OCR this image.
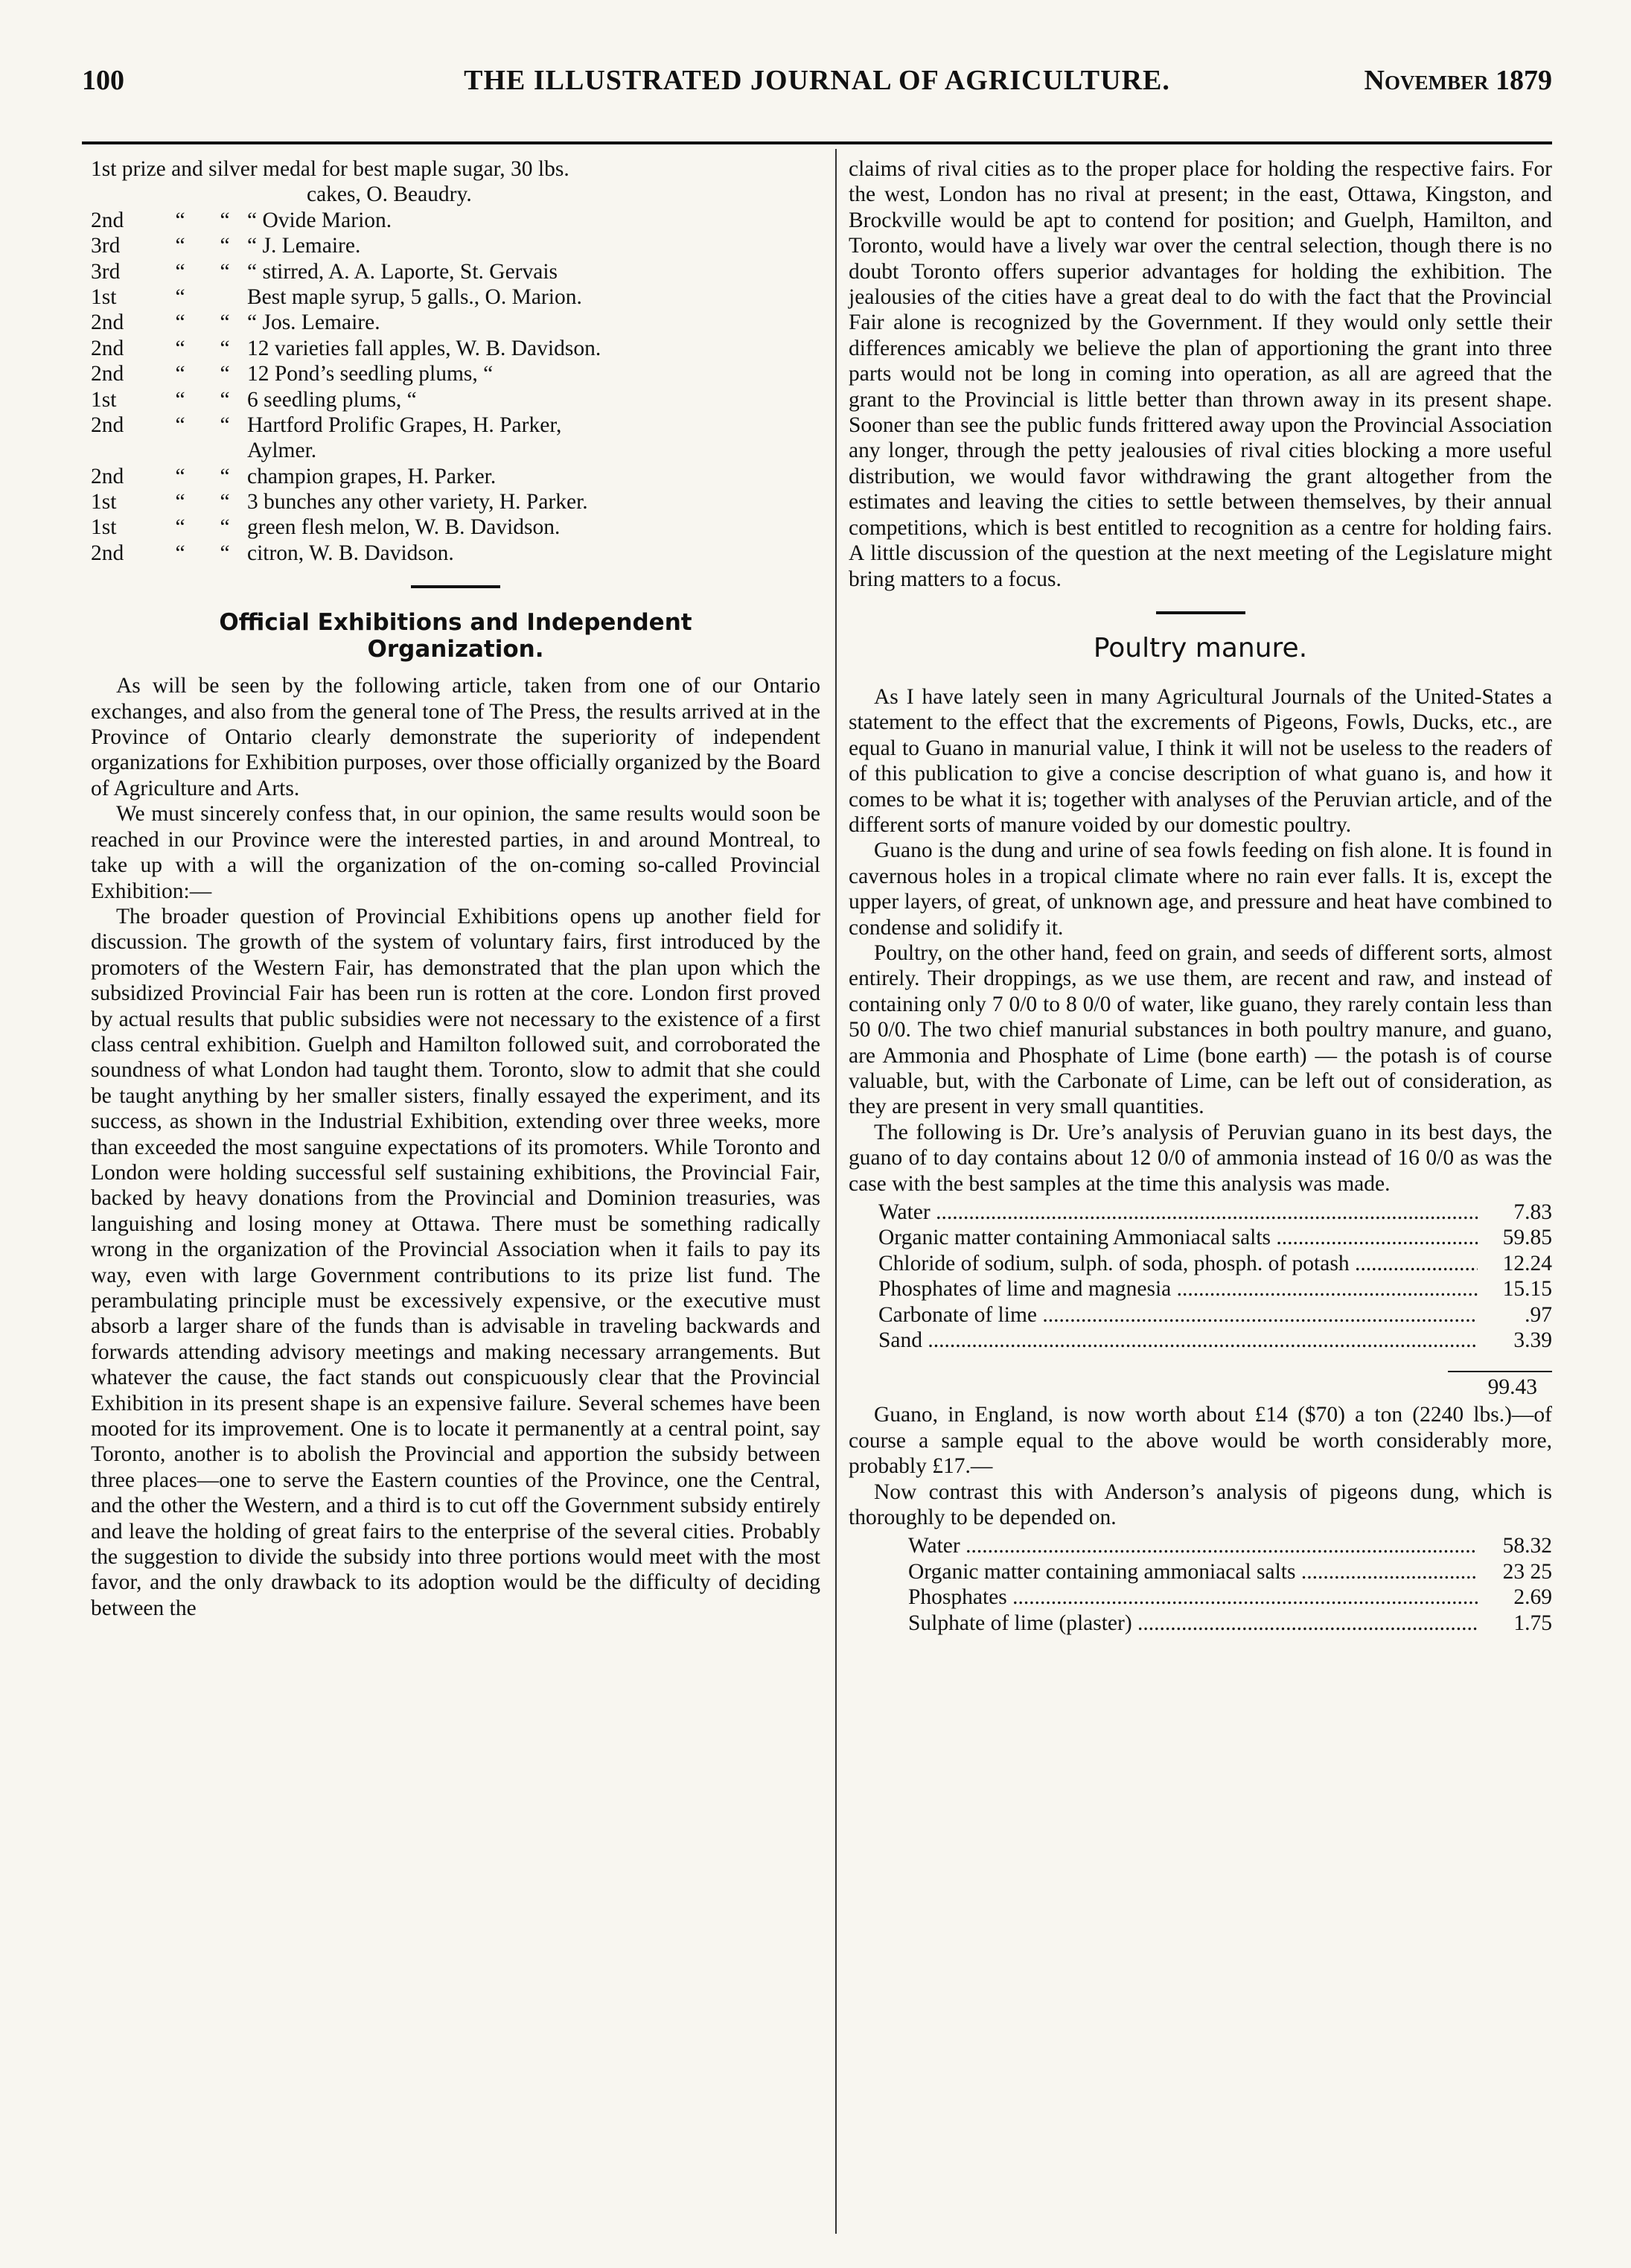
100	THE ILLUSTRATED JOURNAL OF AGRICULTURE.	November 1879
1st prize and silver medal for best maple sugar, 30 lbs.
cakes, O. Beaudry.
2nd	“	“ “ Ovide Marion.
3rd	“	“ “ J. Lemaire.
3rd	“	“ “ stirred, A. A. Laporte, St. Gervais
1st	“	Best maple syrup, 5 galls., O. Marion.
2nd	“	“ “ Jos. Lemaire.
2nd	“	“ 12 varieties fall apples, W. B. Davidson.
2nd	“	“ 12 Pond’s seedling plums, “
1st	“	“ 6 seedling plums, “
2nd	“	“ Hartford Prolific Grapes, H. Parker,
Aylmer.
2nd	“	“ champion grapes, H. Parker.
1st	“	“ 3 bunches any other variety, H. Parker.
1st	“	“ green flesh melon, W. B. Davidson.
2nd	“	“ citron, W. B. Davidson.
Official Exhibitions and Independent
Organization.

As will be seen by the following article, taken from one of our Ontario exchanges, and also from the general tone of The Press, the results arrived at in the Province of Ontario clearly demonstrate the superiority of independent organizations for Exhibition purposes, over those officially organized by the Board of Agriculture and Arts.

We must sincerely confess that, in our opinion, the same results would soon be reached in our Province were the interested parties, in and around Montreal, to take up with a will the organization of the on-coming so-called Provincial Exhibition:—

The broader question of Provincial Exhibitions opens up another field for discussion. The growth of the system of voluntary fairs, first introduced by the promoters of the Western Fair, has demonstrated that the plan upon which the subsidized Provincial Fair has been run is rotten at the core. London first proved by actual results that public subsidies were not necessary to the existence of a first class central exhibition. Guelph and Hamilton followed suit, and corroborated the soundness of what London had taught them. Toronto, slow to admit that she could be taught anything by her smaller sisters, finally essayed the experiment, and its success, as shown in the Industrial Exhibition, extending over three weeks, more than exceeded the most sanguine expectations of its promoters. While Toronto and London were holding successful self sustaining exhibitions, the Provincial Fair, backed by heavy donations from the Provincial and Dominion treasuries, was languishing and losing money at Ottawa. There must be something radically wrong in the organization of the Provincial Association when it fails to pay its way, even with large Government contributions to its prize list fund. The perambulating principle must be excessively expensive, or the executive must absorb a larger share of the funds than is advisable in traveling backwards and forwards attending advisory meetings and making necessary arrangements. But whatever the cause, the fact stands out conspicuously clear that the Provincial Exhibition in its present shape is an expensive failure. Several schemes have been mooted for its improvement. One is to locate it permanently at a central point, say Toronto, another is to abolish the Provincial and apportion the subsidy between three places—one to serve the Eastern counties of the Province, one the Central, and the other the Western, and a third is to cut off the Government subsidy entirely and leave the holding of great fairs to the enterprise of the several cities. Probably the suggestion to divide the subsidy into three portions would meet with the most favor, and the only drawback to its adoption would be the difficulty of deciding between the

claims of rival cities as to the proper place for holding the respective fairs. For the west, London has no rival at present; in the east, Ottawa, Kingston, and Brockville would be apt to contend for position; and Guelph, Hamilton, and Toronto, would have a lively war over the central selection, though there is no doubt Toronto offers superior advantages for holding the exhibition. The jealousies of the cities have a great deal to do with the fact that the Provincial Fair alone is recognized by the Government. If they would only settle their differences amicably we believe the plan of apportioning the grant into three parts would not be long in coming into operation, as all are agreed that the grant to the Provincial is little better than thrown away in its present shape. Sooner than see the public funds frittered away upon the Provincial Association any longer, through the petty jealousies of rival cities blocking a more useful distribution, we would favor withdrawing the grant altogether from the estimates and leaving the cities to settle between themselves, by their annual competitions, which is best entitled to recognition as a centre for holding fairs. A little discussion of the question at the next meeting of the Legislature might bring matters to a focus.

Poultry manure.

As I have lately seen in many Agricultural Journals of the United-States a statement to the effect that the excrements of Pigeons, Fowls, Ducks, etc., are equal to Guano in manurial value, I think it will not be useless to the readers of of this publication to give a concise description of what guano is, and how it comes to be what it is; together with analyses of the Peruvian article, and of the different sorts of manure voided by our domestic poultry.

Guano is the dung and urine of sea fowls feeding on fish alone. It is found in cavernous holes in a tropical climate where no rain ever falls. It is, except the upper layers, of great, of unknown age, and pressure and heat have combined to condense and solidify it.

Poultry, on the other hand, feed on grain, and seeds of different sorts, almost entirely. Their droppings, as we use them, are recent and raw, and instead of containing only 7 0/0 to 8 0/0 of water, like guano, they rarely contain less than 50 0/0. The two chief manurial substances in both poultry manure, and guano, are Ammonia and Phosphate of Lime (bone earth) — the potash is of course valuable, but, with the Carbonate of Lime, can be left out of consideration, as they are present in very small quantities.

The following is Dr. Ure’s analysis of Peruvian guano in its best days, the guano of to day contains about 12 0/0 of ammonia instead of 16 0/0 as was the case with the best samples at the time this analysis was made.

Water .....	7.83
Organic matter containing Ammoniacal salts .....	59.85
Chloride of sodium, sulph. of soda, phosph. of potash .....	12.24
Phosphates of lime and magnesia .....	15.15
Carbonate of lime .....	.97
Sand .....	3.39
99.43

Guano, in England, is now worth about £14 ($70) a ton (2240 lbs.)—of course a sample equal to the above would be worth considerably more, probably £17.—

Now contrast this with Anderson’s analysis of pigeons dung, which is thoroughly to be depended on.

Water .....	58.32
Organic matter containing ammoniacal salts .....	23 25
Phosphates .....	2.69
Sulphate of lime (plaster) .....	1.75
